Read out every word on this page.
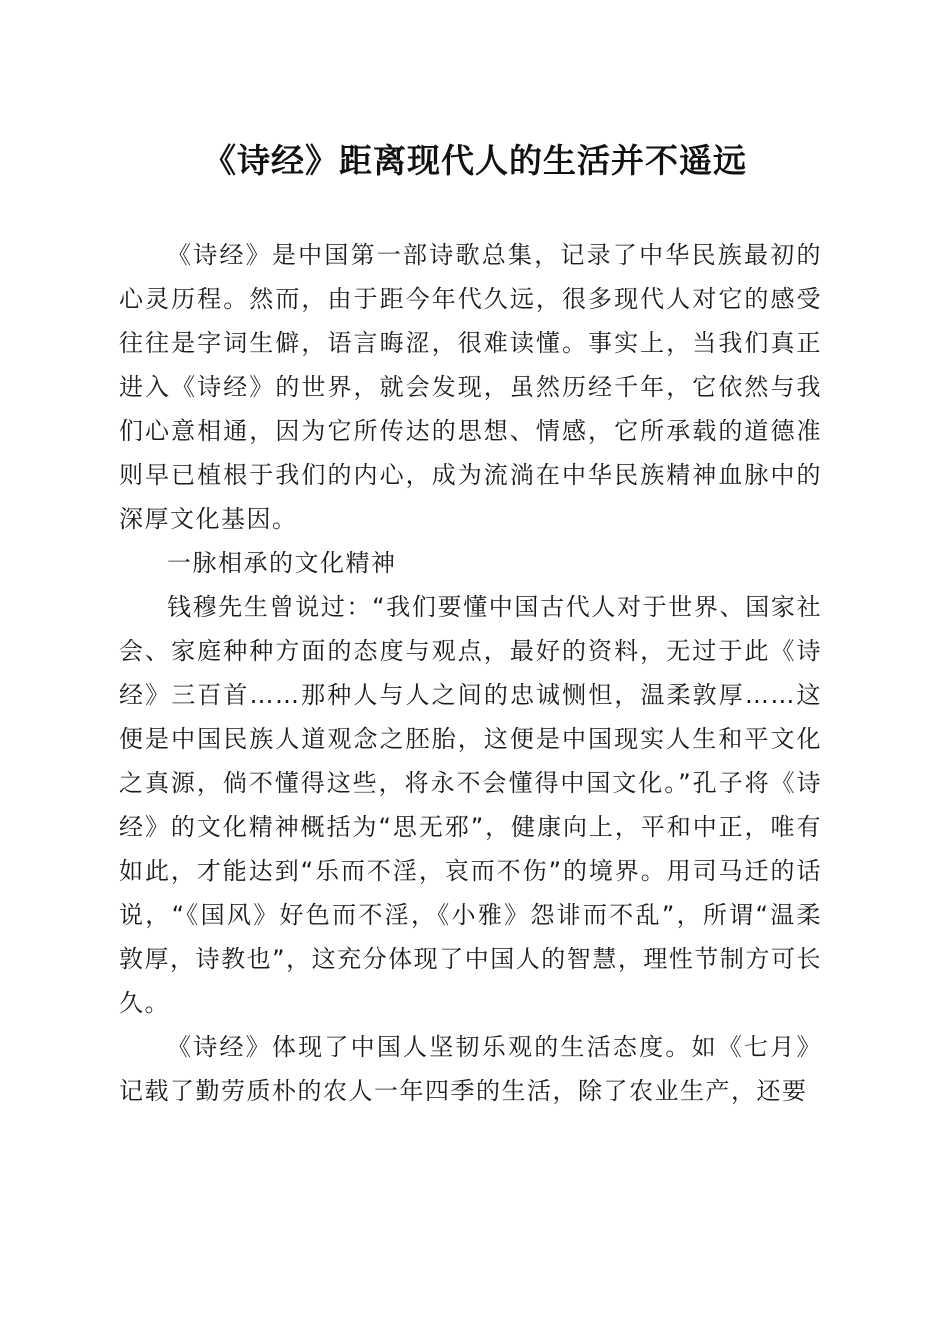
《诗经》距离现代人的生活并不遥远

《诗经》是中国第一部诗歌总集，记录了中华民族最初的心灵历程。然而，由于距今年代久远，很多现代人对它的感受往往是字词生僻，语言晦涩，很难读懂。事实上，当我们真正进入《诗经》的世界，就会发现，虽然历经千年，它依然与我们心意相通，因为它所传达的思想、情感，它所承载的道德准则早已植根于我们的内心，成为流淌在中华民族精神血脉中的深厚文化基因。

一脉相承的文化精神

钱穆先生曾说过：“我们要懂中国古代人对于世界、国家社会、家庭种种方面的态度与观点，最好的资料，无过于此《诗经》三百首……那种人与人之间的忠诚恻怛，温柔敦厚……这便是中国民族人道观念之胚胎，这便是中国现实人生和平文化之真源，倘不懂得这些，将永不会懂得中国文化。”孔子将《诗经》的文化精神概括为“思无邪”，健康向上，平和中正，唯有如此，才能达到“乐而不淫，哀而不伤”的境界。用司马迁的话说，“《国风》好色而不淫，《小雅》怨诽而不乱”，所谓“温柔敦厚，诗教也”，这充分体现了中国人的智慧，理性节制方可长久。

《诗经》体现了中国人坚韧乐观的生活态度。如《七月》记载了勤劳质朴的农人一年四季的生活，除了农业生产，还要
